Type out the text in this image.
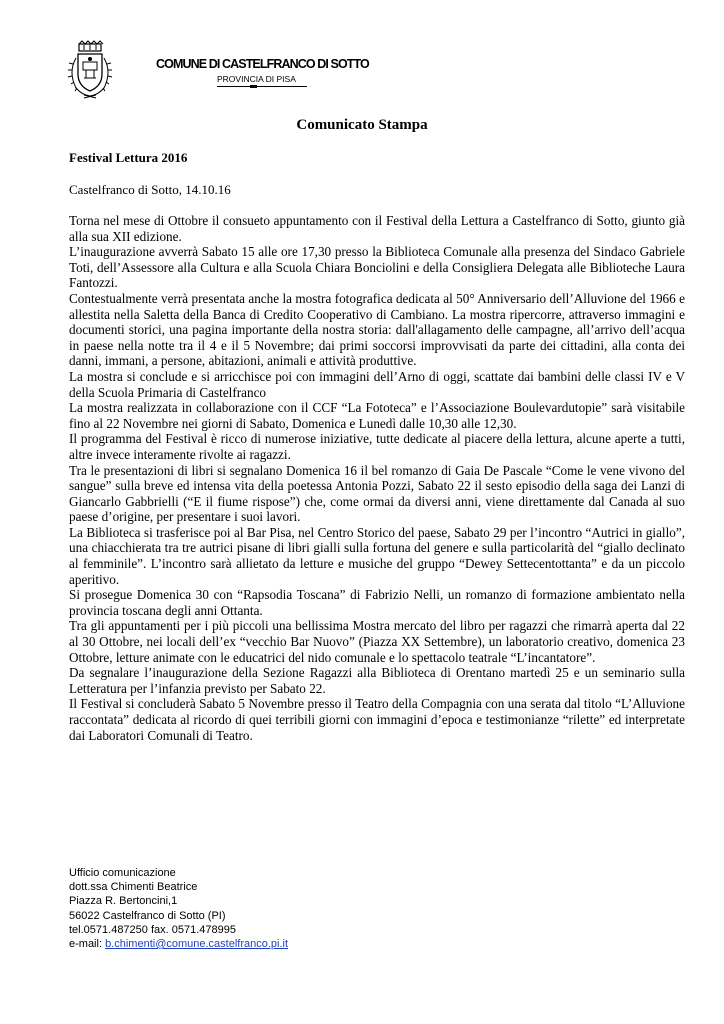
COMUNE DI CASTELFRANCO DI SOTTO
PROVINCIA DI PISA
Comunicato Stampa
Festival Lettura 2016
Castelfranco di Sotto, 14.10.16

Torna nel mese di Ottobre il consueto appuntamento con il Festival della Lettura a Castelfranco di Sotto, giunto già alla sua XII edizione.

L’inaugurazione avverrà Sabato 15 alle ore 17,30 presso la Biblioteca Comunale alla presenza del Sindaco Gabriele Toti, dell’Assessore alla Cultura e alla Scuola Chiara Bonciolini e della Consigliera Delegata alle Biblioteche Laura Fantozzi.

Contestualmente verrà presentata anche la mostra fotografica dedicata al 50° Anniversario dell’Alluvione del 1966 e allestita nella Saletta della Banca di Credito Cooperativo di Cambiano. La mostra ripercorre, attraverso immagini e documenti storici, una pagina importante della nostra storia: dall'allagamento delle campagne, all’arrivo dell’acqua in paese nella notte tra il 4 e il 5 Novembre; dai primi soccorsi improvvisati da parte dei cittadini, alla conta dei danni, immani, a persone, abitazioni, animali e attività produttive.

La mostra si conclude e si arricchisce poi con immagini dell’Arno di oggi, scattate dai bambini delle classi IV e V della Scuola Primaria di Castelfranco

La mostra realizzata in collaborazione con il CCF “La Fototeca” e l’Associazione Boulevardutopie” sarà visitabile fino al 22 Novembre nei giorni di Sabato, Domenica e Lunedì dalle 10,30 alle 12,30.

Il programma del Festival è ricco di numerose iniziative, tutte dedicate al piacere della lettura, alcune aperte a tutti, altre invece interamente rivolte ai ragazzi.

Tra le presentazioni di libri si segnalano Domenica 16 il bel romanzo di Gaia De Pascale “Come le vene vivono del sangue” sulla breve ed intensa vita della poetessa Antonia Pozzi, Sabato 22 il sesto episodio della saga dei Lanzi di Giancarlo Gabbrielli (“E il fiume rispose”) che, come ormai da diversi anni, viene direttamente dal Canada al suo paese d’origine, per presentare i suoi lavori.

La Biblioteca si trasferisce poi al Bar Pisa, nel Centro Storico del paese, Sabato 29 per l’incontro “Autrici in giallo”, una chiacchierata tra tre autrici pisane di libri gialli sulla fortuna del genere e sulla particolarità del “giallo declinato al femminile”. L’incontro sarà allietato da letture e musiche del gruppo “Dewey Settecentottanta” e da un piccolo aperitivo.

Si prosegue Domenica 30 con “Rapsodia Toscana” di Fabrizio Nelli, un romanzo di formazione ambientato nella provincia toscana degli anni Ottanta.

Tra gli appuntamenti per i più piccoli una bellissima Mostra mercato del libro per ragazzi che rimarrà aperta dal 22 al 30 Ottobre, nei locali dell’ex “vecchio Bar Nuovo” (Piazza XX Settembre), un laboratorio creativo, domenica 23 Ottobre, letture animate con le educatrici del nido comunale e lo spettacolo teatrale “L’incantatore”.

Da segnalare l’inaugurazione della Sezione Ragazzi alla Biblioteca di Orentano martedì 25 e un seminario sulla Letteratura per l’infanzia previsto per Sabato 22.

Il Festival si concluderà Sabato 5 Novembre presso il Teatro della Compagnia con una serata dal titolo “L’Alluvione raccontata” dedicata al ricordo di quei terribili giorni con immagini d’epoca e testimonianze “rilette” ed interpretate dai Laboratori Comunali di Teatro.

Ufficio comunicazione
dott.ssa Chimenti Beatrice
Piazza R. Bertoncini,1
56022 Castelfranco di Sotto (PI)
tel.0571.487250 fax. 0571.478995
e-mail: b.chimenti@comune.castelfranco.pi.it
